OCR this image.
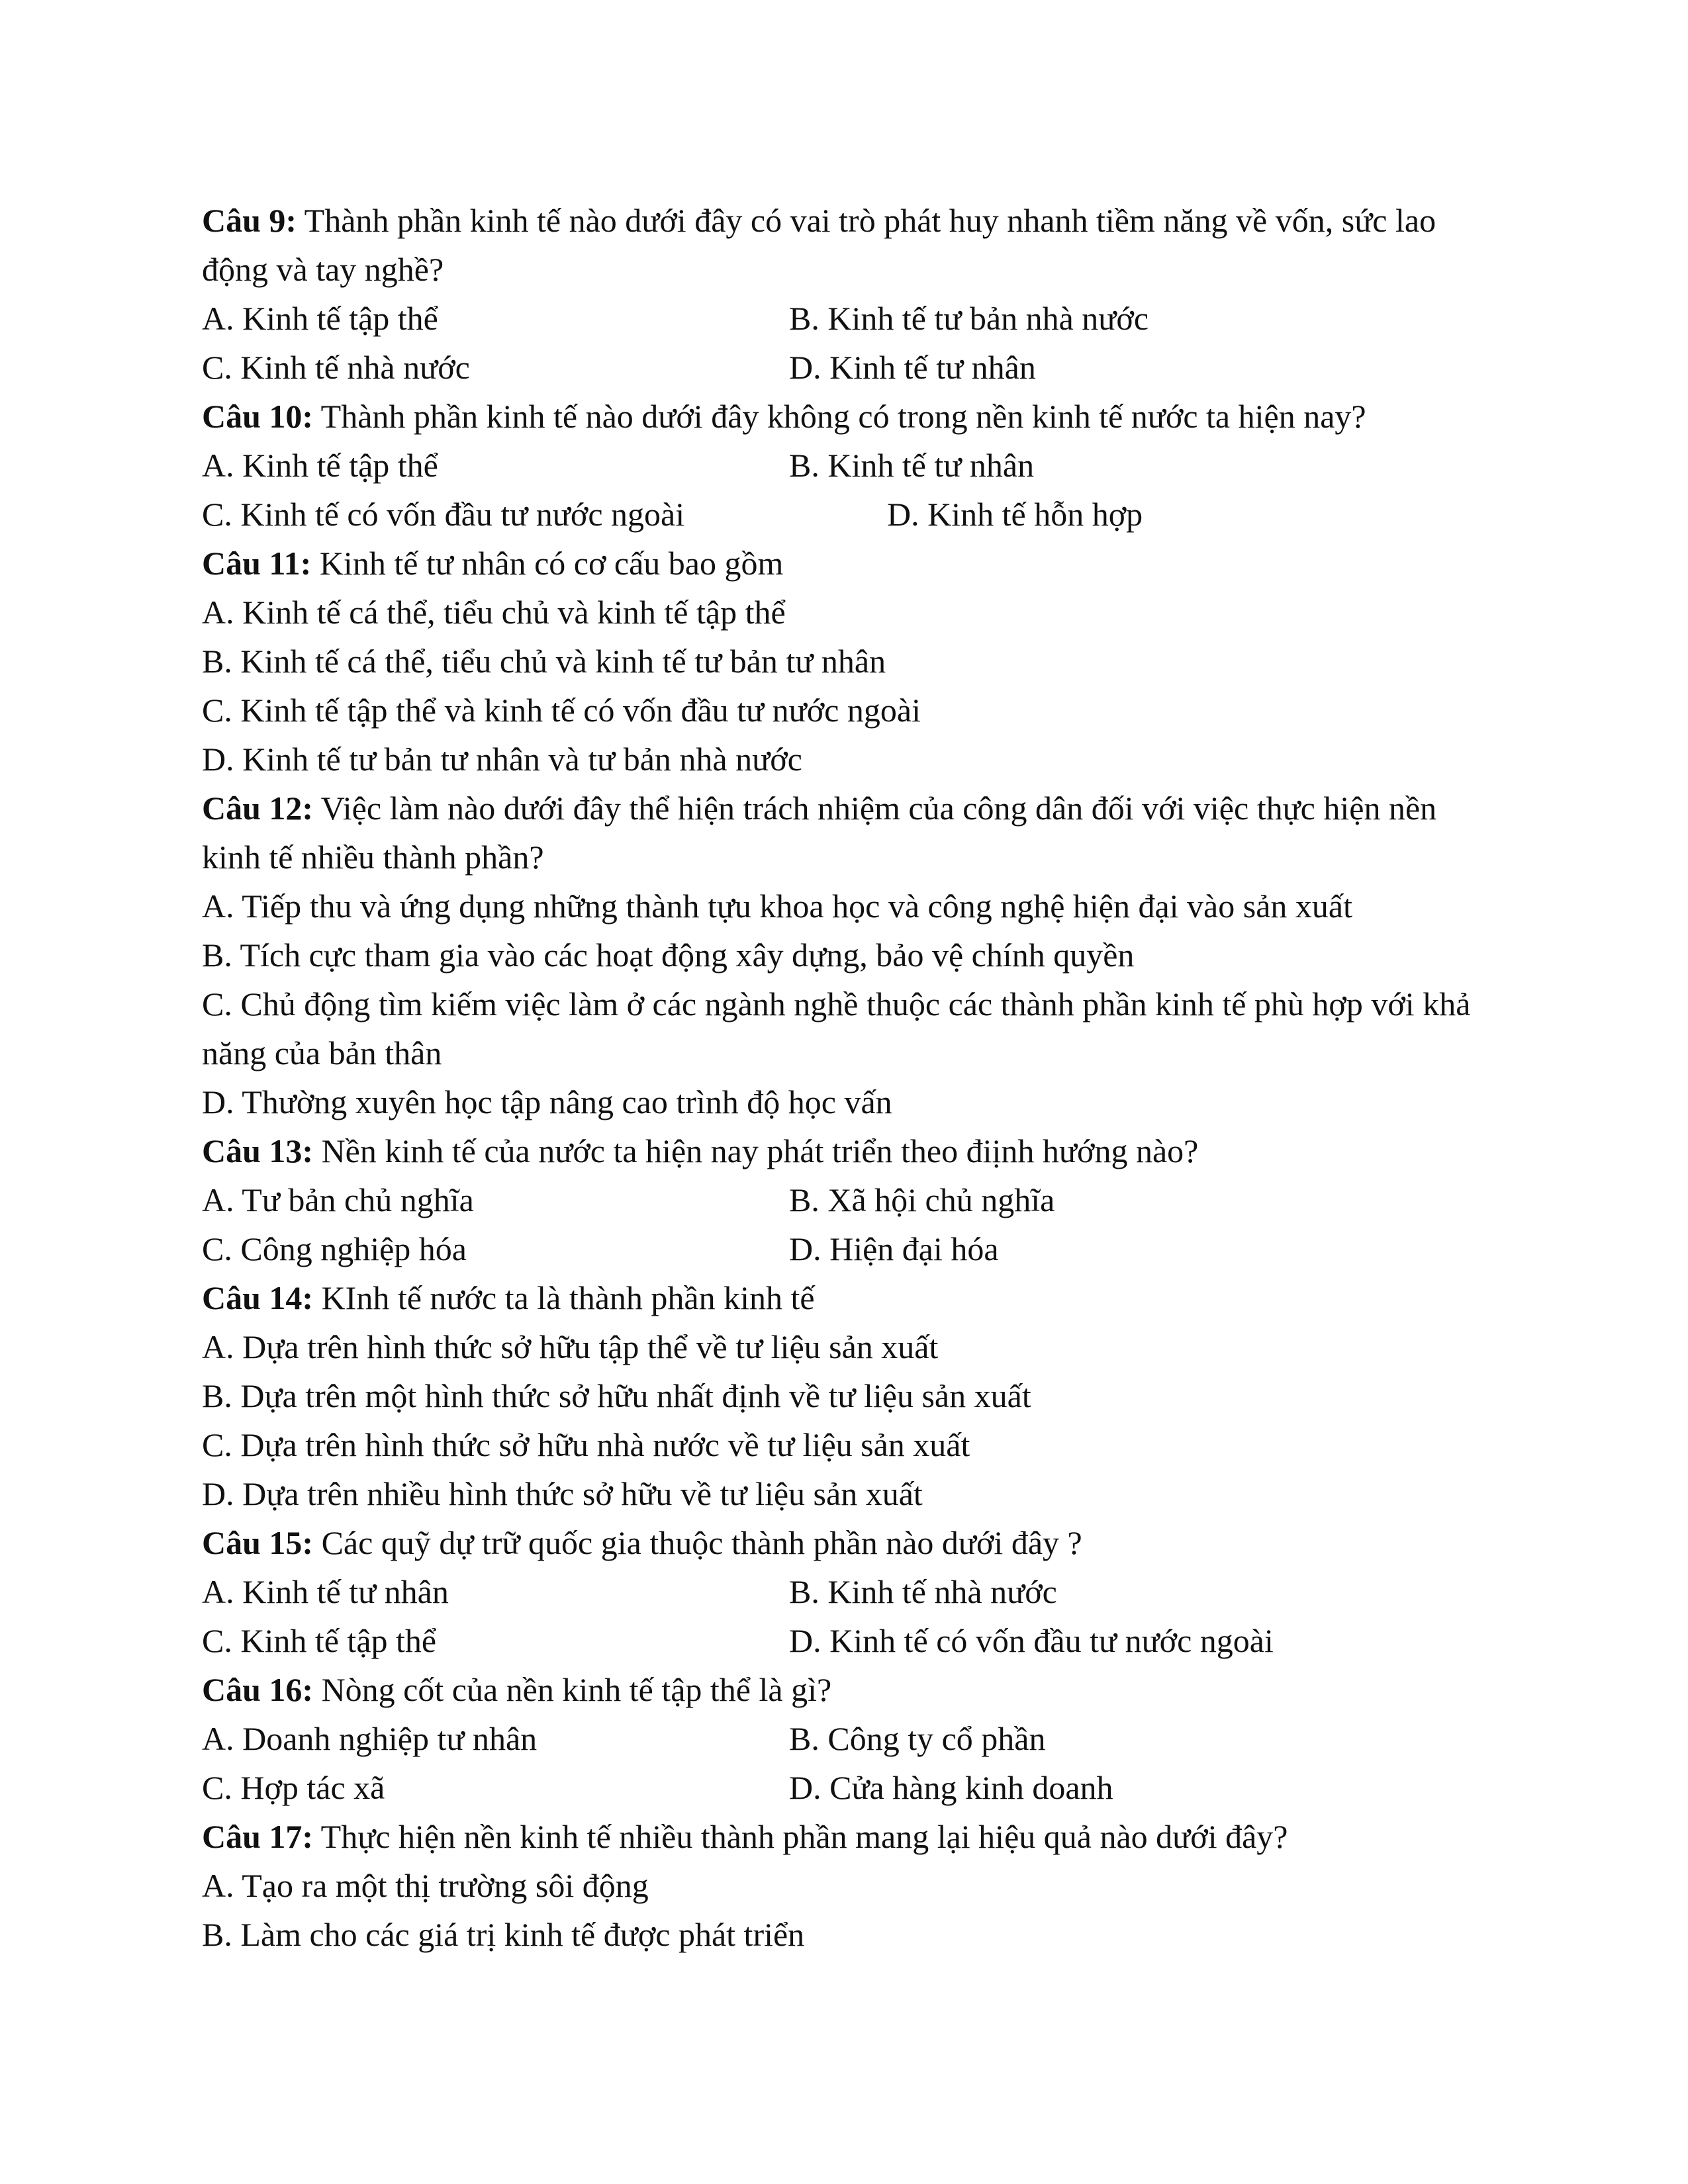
Câu 9: Thành phần kinh tế nào dưới đây có vai trò phát huy nhanh tiềm năng về vốn, sức lao động và tay nghề?
A. Kinh tế tập thể	B. Kinh tế tư bản nhà nước
C. Kinh tế nhà nước	D. Kinh tế tư nhân
Câu 10: Thành phần kinh tế nào dưới đây không có trong nền kinh tế nước ta hiện nay?
A. Kinh tế tập thể	B. Kinh tế tư nhân
C. Kinh tế có vốn đầu tư nước ngoài	D. Kinh tế hỗn hợp
Câu 11: Kinh tế tư nhân có cơ cấu bao gồm
A. Kinh tế cá thể, tiểu chủ và kinh tế tập thể
B. Kinh tế cá thể, tiểu chủ và kinh tế tư bản tư nhân
C. Kinh tế tập thể và kinh tế có vốn đầu tư nước ngoài
D. Kinh tế tư bản tư nhân và tư bản nhà nước
Câu 12: Việc làm nào dưới đây thể hiện trách nhiệm của công dân đối với việc thực hiện nền kinh tế nhiều thành phần?
A. Tiếp thu và ứng dụng những thành tựu khoa học và công nghệ hiện đại vào sản xuất
B. Tích cực tham gia vào các hoạt động xây dựng, bảo vệ chính quyền
C. Chủ động tìm kiếm việc làm ở các ngành nghề thuộc các thành phần kinh tế phù hợp với khả năng của bản thân
D. Thường xuyên học tập nâng cao trình độ học vấn
Câu 13: Nền kinh tế của nước ta hiện nay phát triển theo điịnh hướng nào?
A. Tư bản chủ nghĩa	B. Xã hội chủ nghĩa
C. Công nghiệp hóa	D. Hiện đại hóa
Câu 14: KInh tế nước ta là thành phần kinh tế
A. Dựa trên hình thức sở hữu tập thể về tư liệu sản xuất
B. Dựa trên một hình thức sở hữu nhất định về tư liệu sản xuất
C. Dựa trên hình thức sở hữu nhà nước về tư liệu sản xuất
D. Dựa trên nhiều hình thức sở hữu về tư liệu sản xuất
Câu 15: Các quỹ dự trữ quốc gia thuộc thành phần nào dưới đây ?
A. Kinh tế tư nhân	B. Kinh tế nhà nước
C. Kinh tế tập thể	D. Kinh tế có vốn đầu tư nước ngoài
Câu 16: Nòng cốt của nền kinh tế tập thể là gì?
A. Doanh nghiệp tư nhân	B. Công ty cổ phần
C. Hợp tác xã	D. Cửa hàng kinh doanh
Câu 17: Thực hiện nền kinh tế nhiều thành phần mang lại hiệu quả nào dưới đây?
A. Tạo ra một thị trường sôi động
B. Làm cho các giá trị kinh tế được phát triển
